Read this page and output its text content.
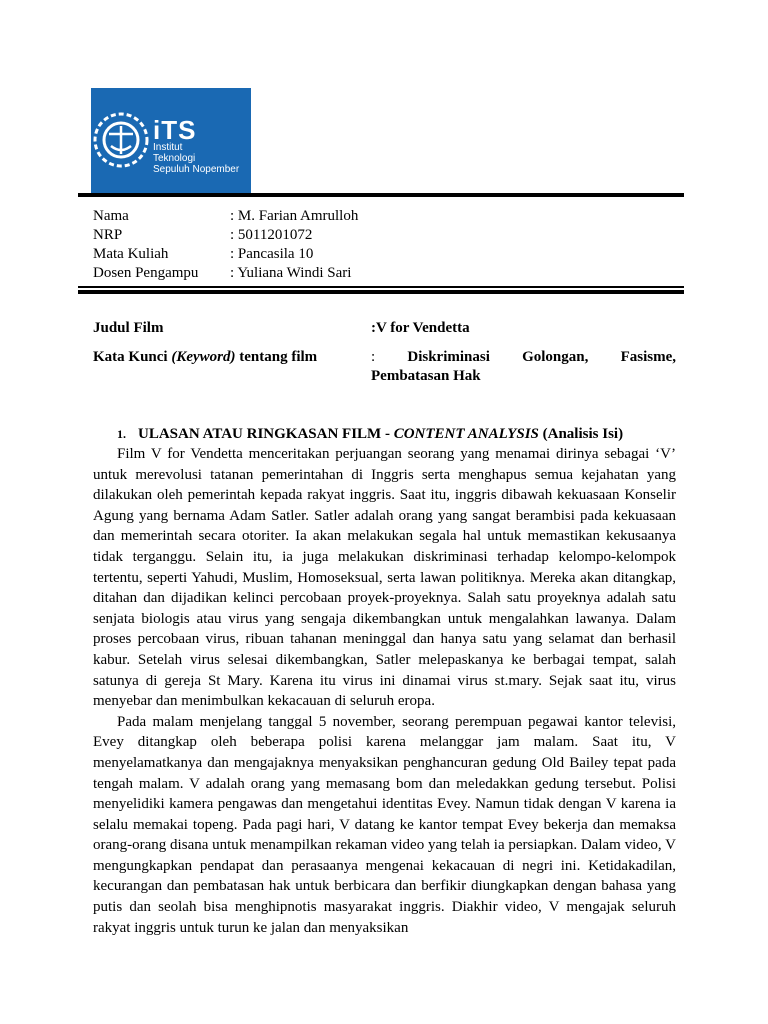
iTS
Institut
Teknologi
Sepuluh Nopember
Nama	: M. Farian Amrulloh
NRP	: 5011201072
Mata Kuliah	: Pancasila 10
Dosen Pengampu	: Yuliana Windi Sari
Judul Film	:V for Vendetta
Kata Kunci (Keyword) tentang film	: Diskriminasi Golongan, Fasisme,
Pembatasan Hak
1. ULASAN ATAU RINGKASAN FILM - CONTENT ANALYSIS (Analisis Isi)

Film V for Vendetta menceritakan perjuangan seorang yang menamai dirinya sebagai ‘V’ untuk merevolusi tatanan pemerintahan di Inggris serta menghapus semua kejahatan yang dilakukan oleh pemerintah kepada rakyat inggris. Saat itu, inggris dibawah kekuasaan Konselir Agung yang bernama Adam Satler. Satler adalah orang yang sangat berambisi pada kekuasaan dan memerintah secara otoriter. Ia akan melakukan segala hal untuk memastikan kekusaanya tidak terganggu. Selain itu, ia juga melakukan diskriminasi terhadap kelompo-kelompok tertentu, seperti Yahudi, Muslim, Homoseksual, serta lawan politiknya. Mereka akan ditangkap, ditahan dan dijadikan kelinci percobaan proyek-proyeknya. Salah satu proyeknya adalah satu senjata biologis atau virus yang sengaja dikembangkan untuk mengalahkan lawanya. Dalam proses percobaan virus, ribuan tahanan meninggal dan hanya satu yang selamat dan berhasil kabur. Setelah virus selesai dikembangkan, Satler melepaskanya ke berbagai tempat, salah satunya di gereja St Mary. Karena itu virus ini dinamai virus st.mary. Sejak saat itu, virus menyebar dan menimbulkan kekacauan di seluruh eropa.

Pada malam menjelang tanggal 5 november, seorang perempuan pegawai kantor televisi, Evey ditangkap oleh beberapa polisi karena melanggar jam malam. Saat itu, V menyelamatkanya dan mengajaknya menyaksikan penghancuran gedung Old Bailey tepat pada tengah malam. V adalah orang yang memasang bom dan meledakkan gedung tersebut. Polisi menyelidiki kamera pengawas dan mengetahui identitas Evey. Namun tidak dengan V karena ia selalu memakai topeng. Pada pagi hari, V datang ke kantor tempat Evey bekerja dan memaksa orang-orang disana untuk menampilkan rekaman video yang telah ia persiapkan. Dalam video, V mengungkapkan pendapat dan perasaanya mengenai kekacauan di negri ini. Ketidakadilan, kecurangan dan pembatasan hak untuk berbicara dan berfikir diungkapkan dengan bahasa yang putis dan seolah bisa menghipnotis masyarakat inggris. Diakhir video, V mengajak seluruh rakyat inggris untuk turun ke jalan dan menyaksikan
